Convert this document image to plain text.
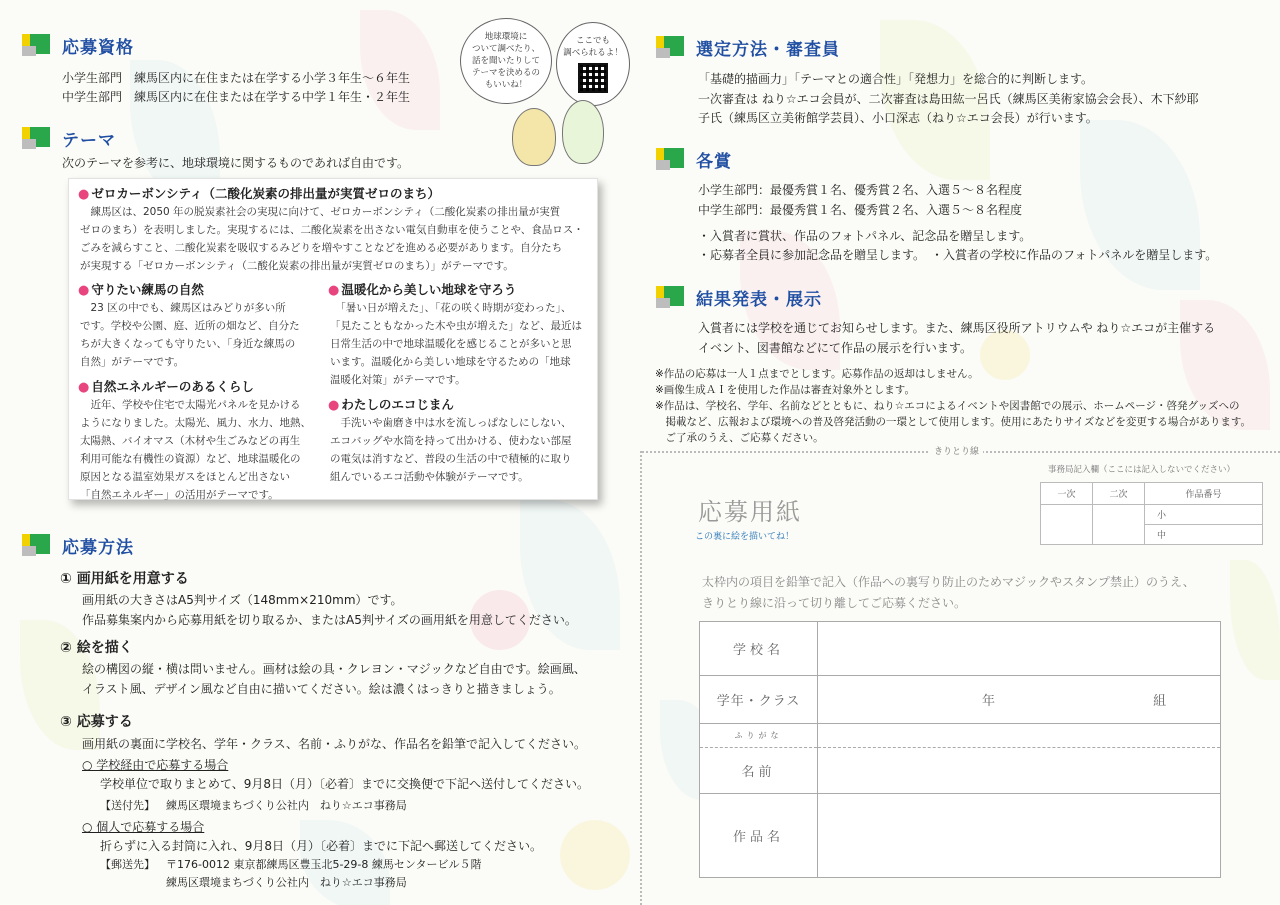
応募資格
小学生部門　練馬区内に在住または在学する小学３年生〜６年生
中学生部門　練馬区内に在住または在学する中学１年生・２年生
地球環境に
ついて調べたり、
話を聞いたりして
テーマを決めるの
もいいね！
ここでも
調べられるよ！
テーマ
次のテーマを参考に、地球環境に関するものであれば自由です。
● ゼロカーボンシティ（二酸化炭素の排出量が実質ゼロのまち）
　練馬区は、2050 年の脱炭素社会の実現に向けて、ゼロカーボンシティ（二酸化炭素の排出量が実質
ゼロのまち）を表明しました。実現するには、二酸化炭素を出さない電気自動車を使うことや、食品ロス・
ごみを減らすこと、二酸化炭素を吸収するみどりを増やすことなどを進める必要があります。自分たち
が実現する「ゼロカーボンシティ（二酸化炭素の排出量が実質ゼロのまち）」がテーマです。
● 守りたい練馬の自然
　23 区の中でも、練馬区はみどりが多い所
です。学校や公園、庭、近所の畑など、自分た
ちが大きくなっても守りたい、「身近な練馬の
自然」がテーマです。
● 温暖化から美しい地球を守ろう
　「暑い日が増えた」、「花の咲く時期が変わった」、
「見たこともなかった木や虫が増えた」など、最近は
日常生活の中で地球温暖化を感じることが多いと思
います。温暖化から美しい地球を守るための「地球
温暖化対策」がテーマです。
● 自然エネルギーのあるくらし
　近年、学校や住宅で太陽光パネルを見かける
ようになりました。太陽光、風力、水力、地熱、
太陽熱、バイオマス（木材や生ごみなどの再生
利用可能な有機性の資源）など、地球温暖化の
原因となる温室効果ガスをほとんど出さない
「自然エネルギー」の活用がテーマです。
● わたしのエコじまん
　手洗いや歯磨き中は水を流しっぱなしにしない、
エコバッグや水筒を持って出かける、使わない部屋
の電気は消すなど、普段の生活の中で積極的に取り
組んでいるエコ活動や体験がテーマです。
応募方法
① 画用紙を用意する
画用紙の大きさはA5判サイズ（148mm×210mm）です。
作品募集案内から応募用紙を切り取るか、またはA5判サイズの画用紙を用意してください。
② 絵を描く
絵の構図の縦・横は問いません。画材は絵の具・クレヨン・マジックなど自由です。絵画風、
イラスト風、デザイン風など自由に描いてください。絵は濃くはっきりと描きましょう。
③ 応募する
画用紙の裏面に学校名、学年・クラス、名前・ふりがな、作品名を鉛筆で記入してください。
○ 学校経由で応募する場合
学校単位で取りまとめて、9月8日（月）〔必着〕までに交換便で下記へ送付してください。
【送付先】 練馬区環境まちづくり公社内　ねり☆エコ事務局
○ 個人で応募する場合
折らずに入る封筒に入れ、9月8日（月）〔必着〕までに下記へ郵送してください。
【郵送先】 〒176-0012 東京都練馬区豊玉北5-29-8 練馬センタービル５階
練馬区環境まちづくり公社内　ねり☆エコ事務局
選定方法・審査員
「基礎的描画力」「テーマとの適合性」「発想力」を総合的に判断します。
一次審査は ねり☆エコ会員が、二次審査は島田紘一呂氏（練馬区美術家協会会長）、木下紗耶
子氏（練馬区立美術館学芸員）、小口深志（ねり☆エコ会長）が行います。
各賞
小学生部門：最優秀賞１名、優秀賞２名、入選５〜８名程度
中学生部門：最優秀賞１名、優秀賞２名、入選５〜８名程度
・入賞者に賞状、作品のフォトパネル、記念品を贈呈します。
・応募者全員に参加記念品を贈呈します。　・入賞者の学校に作品のフォトパネルを贈呈します。
結果発表・展示
入賞者には学校を通じてお知らせします。また、練馬区役所アトリウムや ねり☆エコが主催する
イベント、図書館などにて作品の展示を行います。
※作品の応募は一人１点までとします。応募作品の返却はしません。
※画像生成ＡＩを使用した作品は審査対象外とします。
※作品は、学校名、学年、名前などとともに、ねり☆エコによるイベントや図書館での展示、ホームページ・啓発グッズへの
　掲載など、広報および環境への普及啓発活動の一環として使用します。使用にあたりサイズなどを変更する場合があります。
　ご了承のうえ、ご応募ください。
きりとり線
応募用紙
この裏に絵を描いてね！
事務局記入欄（ここには記入しないでください）
一次	二次	作品番号
		小
		中
太枠内の項目を鉛筆で記入（作品への裏写り防止のためマジックやスタンプ禁止）のうえ、
きりとり線に沿って切り離してご応募ください。
学校名	
学年・クラス	年 組
ふりがな	
名前	
作品名	
